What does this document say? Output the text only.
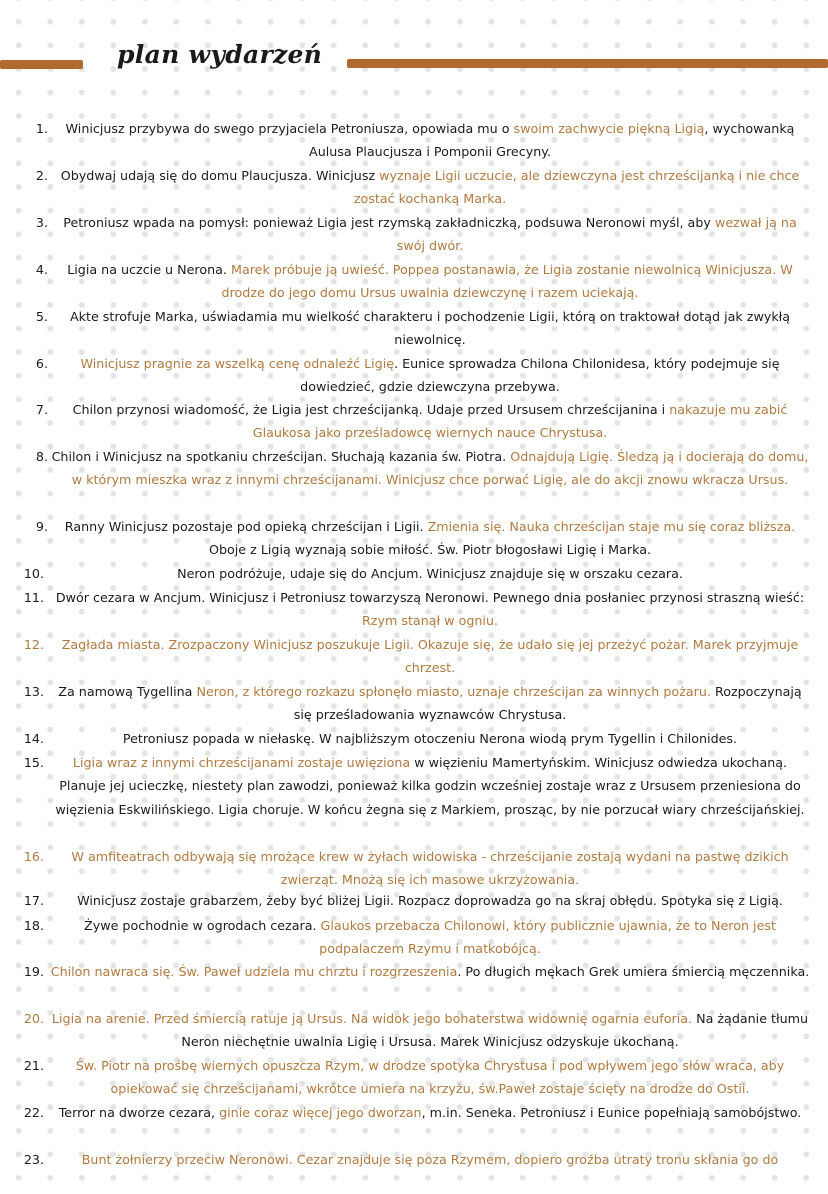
plan wydarzeń
1.	Winicjusz przybywa do swego przyjaciela Petroniusza, opowiada mu o swoim zachwycie piękną Ligią, wychowanką Aulusa Plaucjusza i Pomponii Grecyny.
2.	Obydwaj udają się do domu Plaucjusza. Winicjusz wyznaje Ligii uczucie, ale dziewczyna jest chrześcijanką i nie chce zostać kochanką Marka.
3.	Petroniusz wpada na pomysł: ponieważ Ligia jest rzymską zakładniczką, podsuwa Neronowi myśl, aby wezwał ją na swój dwór.
4.	Ligia na uczcie u Nerona. Marek próbuje ją uwieść. Poppea postanawia, że Ligia zostanie niewolnicą Winicjusza. W drodze do jego domu Ursus uwalnia dziewczynę i razem uciekają.
5.	Akte strofuje Marka, uświadamia mu wielkość charakteru i pochodzenie Ligii, którą on traktował dotąd jak zwykłą niewolnicę.
6.	Winicjusz pragnie za wszelką cenę odnaleźć Ligię. Eunice sprowadza Chilona Chilonidesa, który podejmuje się dowiedzieć, gdzie dziewczyna przebywa.
7.	Chilon przynosi wiadomość, że Ligia jest chrześcijanką. Udaje przed Ursusem chrześcijanina i nakazuje mu zabić Glaukosa jako prześladowcę wiernych nauce Chrystusa.
8. Chilon i Winicjusz na spotkaniu chrześcijan. Słuchają kazania św. Piotra. Odnajdują Ligię. Śledzą ją i docierają do domu, w którym mieszka wraz z innymi chrześcijanami. Winicjusz chce porwać Ligię, ale do akcji znowu wkracza Ursus.
9.	Ranny Winicjusz pozostaje pod opieką chrześcijan i Ligii. Zmienia się. Nauka chrześcijan staje mu się coraz bliższa. Oboje z Ligią wyznają sobie miłość. Św. Piotr błogosławi Ligię i Marka.
10.	Neron podróżuje, udaje się do Ancjum. Winicjusz znajduje się w orszaku cezara.
11. Dwór cezara w Ancjum. Winicjusz i Petroniusz towarzyszą Neronowi. Pewnego dnia posłaniec przynosi straszną wieść: Rzym stanął w ogniu.
12.	Zagłada miasta. Zrozpaczony Winicjusz poszukuje Ligii. Okazuje się, że udało się jej przeżyć pożar. Marek przyjmuje chrzest.
13.	Za namową Tygellina Neron, z którego rozkazu spłonęło miasto, uznaje chrześcijan za winnych pożaru. Rozpoczynają się prześladowania wyznawców Chrystusa.
14.	Petroniusz popada w niełaskę. W najbliższym otoczeniu Nerona wiodą prym Tygellin i Chilonides.
15.	Ligia wraz z innymi chrześcijanami zostaje uwięziona w więzieniu Mamertyńskim. Winicjusz odwiedza ukochaną. Planuje jej ucieczkę, niestety plan zawodzi, ponieważ kilka godzin wcześniej zostaje wraz z Ursusem przeniesiona do więzienia Eskwilińskiego. Ligia choruje. W końcu żegna się z Markiem, prosząc, by nie porzucał wiary chrześcijańskiej.
16.	W amfiteatrach odbywają się mrożące krew w żyłach widowiska - chrześcijanie zostają wydani na pastwę dzikich zwierząt. Mnożą się ich masowe ukrzyżowania.
17.	Winicjusz zostaje grabarzem, żeby być bliżej Ligii. Rozpacz doprowadza go na skraj obłędu. Spotyka się z Ligią.
18.	Żywe pochodnie w ogrodach cezara. Glaukos przebacza Chilonowi, który publicznie ujawnia, że to Neron jest podpalaczem Rzymu i matkobójcą.
19. Chilon nawraca się. Św. Paweł udziela mu chrztu i rozgrzeszenia. Po długich mękach Grek umiera śmiercią męczennika.
20. Ligia na arenie. Przed śmiercią ratuje ją Ursus. Na widok jego bohaterstwa widownię ogarnia euforia. Na żądanie tłumu Neron niechętnie uwalnia Ligię i Ursusa. Marek Winicjusz odzyskuje ukochaną.
21.	Św. Piotr na prośbę wiernych opuszcza Rzym, w drodze spotyka Chrystusa i pod wpływem jego słów wraca, aby opiekować się chrześcijanami, wkrótce umiera na krzyżu, św.Paweł zostaje ścięty na drodze do Ostii.
22.	Terror na dworze cezara, ginie coraz więcej jego dworzan, m.in. Seneka. Petroniusz i Eunice popełniają samobójstwo.
23.	Bunt żołnierzy przeciw Neronowi. Cezar znajduje się poza Rzymem, dopiero groźba utraty tronu skłania go do
